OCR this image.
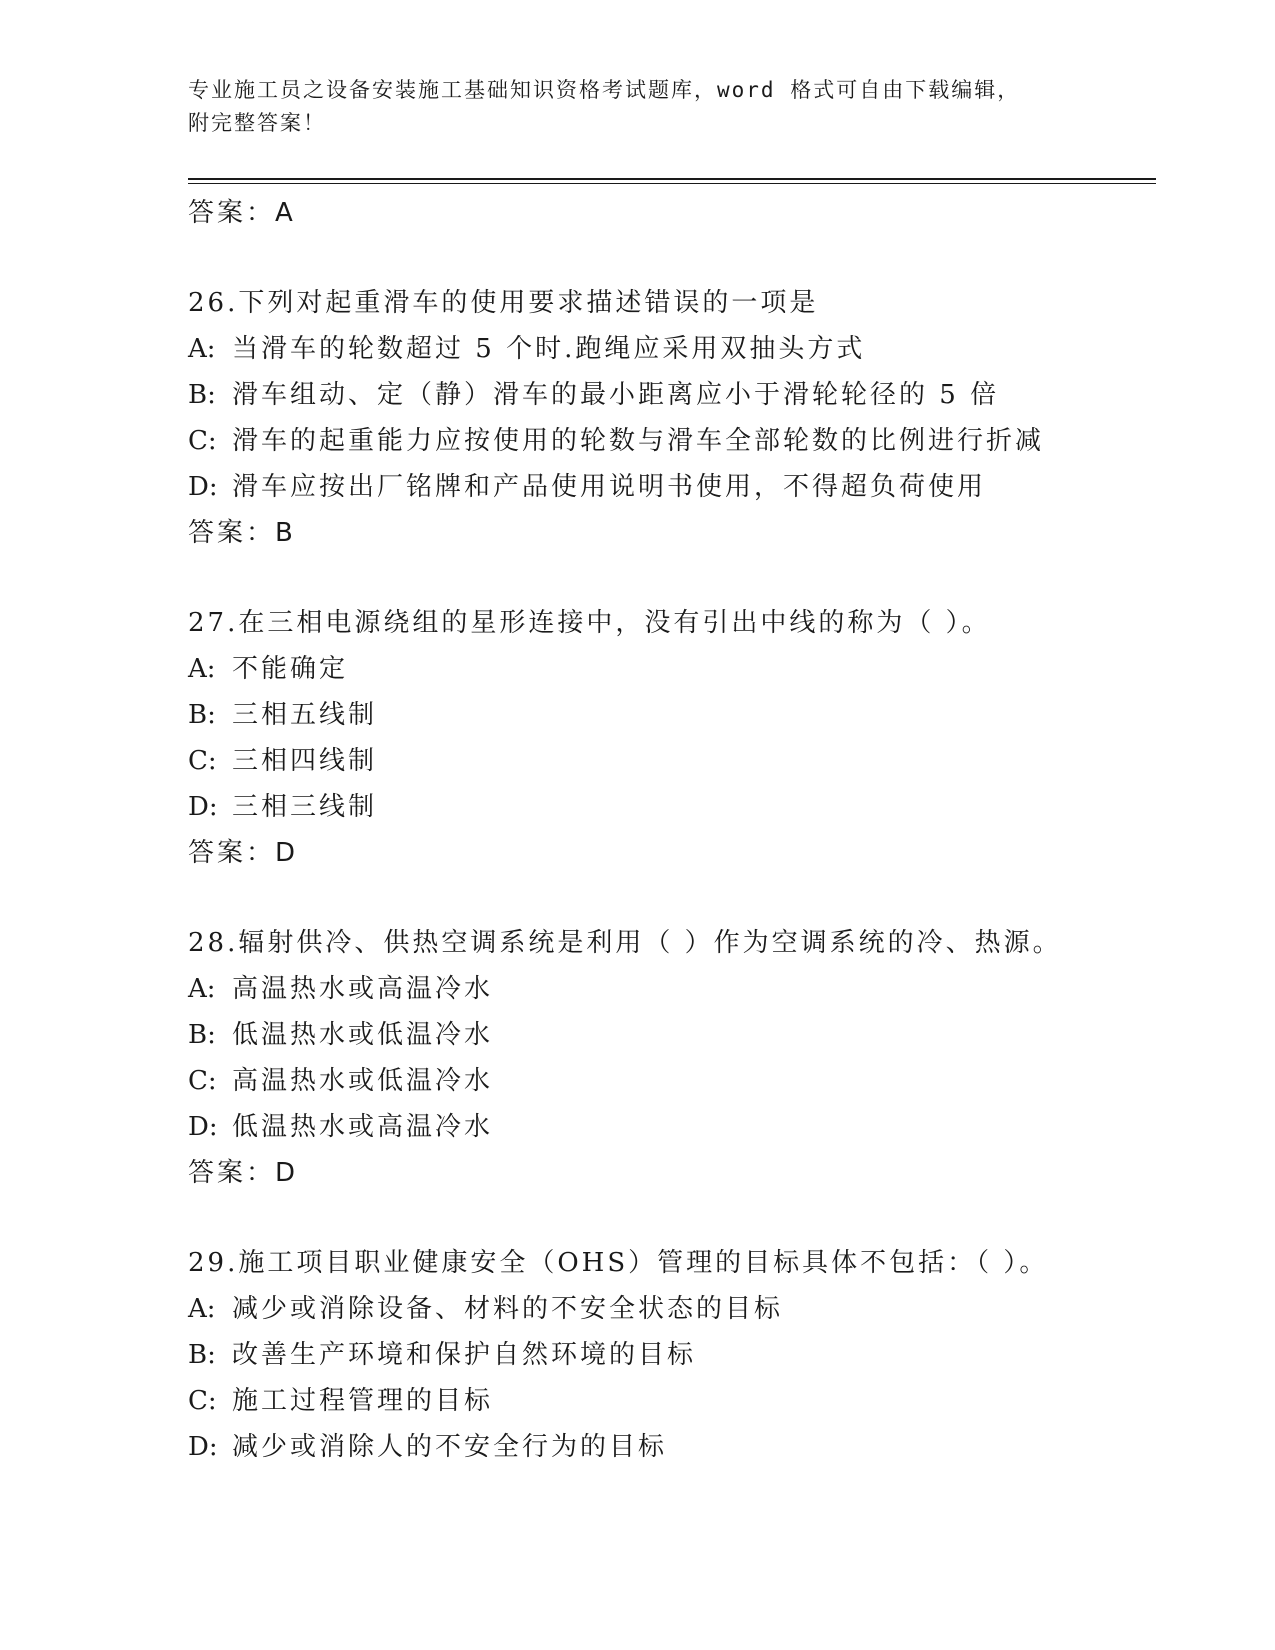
专业施工员之设备安装施工基础知识资格考试题库，word 格式可自由下载编辑，
附完整答案！
答案：A
26.下列对起重滑车的使用要求描述错误的一项是
A: 当滑车的轮数超过 5 个时.跑绳应采用双抽头方式
B: 滑车组动、定（静）滑车的最小距离应小于滑轮轮径的 5 倍
C: 滑车的起重能力应按使用的轮数与滑车全部轮数的比例进行折减
D: 滑车应按出厂铭牌和产品使用说明书使用，不得超负荷使用
答案：B
27.在三相电源绕组的星形连接中，没有引出中线的称为（ ）。
A: 不能确定
B: 三相五线制
C: 三相四线制
D: 三相三线制
答案：D
28.辐射供冷、供热空调系统是利用（ ）作为空调系统的冷、热源。
A: 高温热水或高温冷水
B: 低温热水或低温冷水
C: 高温热水或低温冷水
D: 低温热水或高温冷水
答案：D
29.施工项目职业健康安全（OHS）管理的目标具体不包括：（ ）。
A: 减少或消除设备、材料的不安全状态的目标
B: 改善生产环境和保护自然环境的目标
C: 施工过程管理的目标
D: 减少或消除人的不安全行为的目标
